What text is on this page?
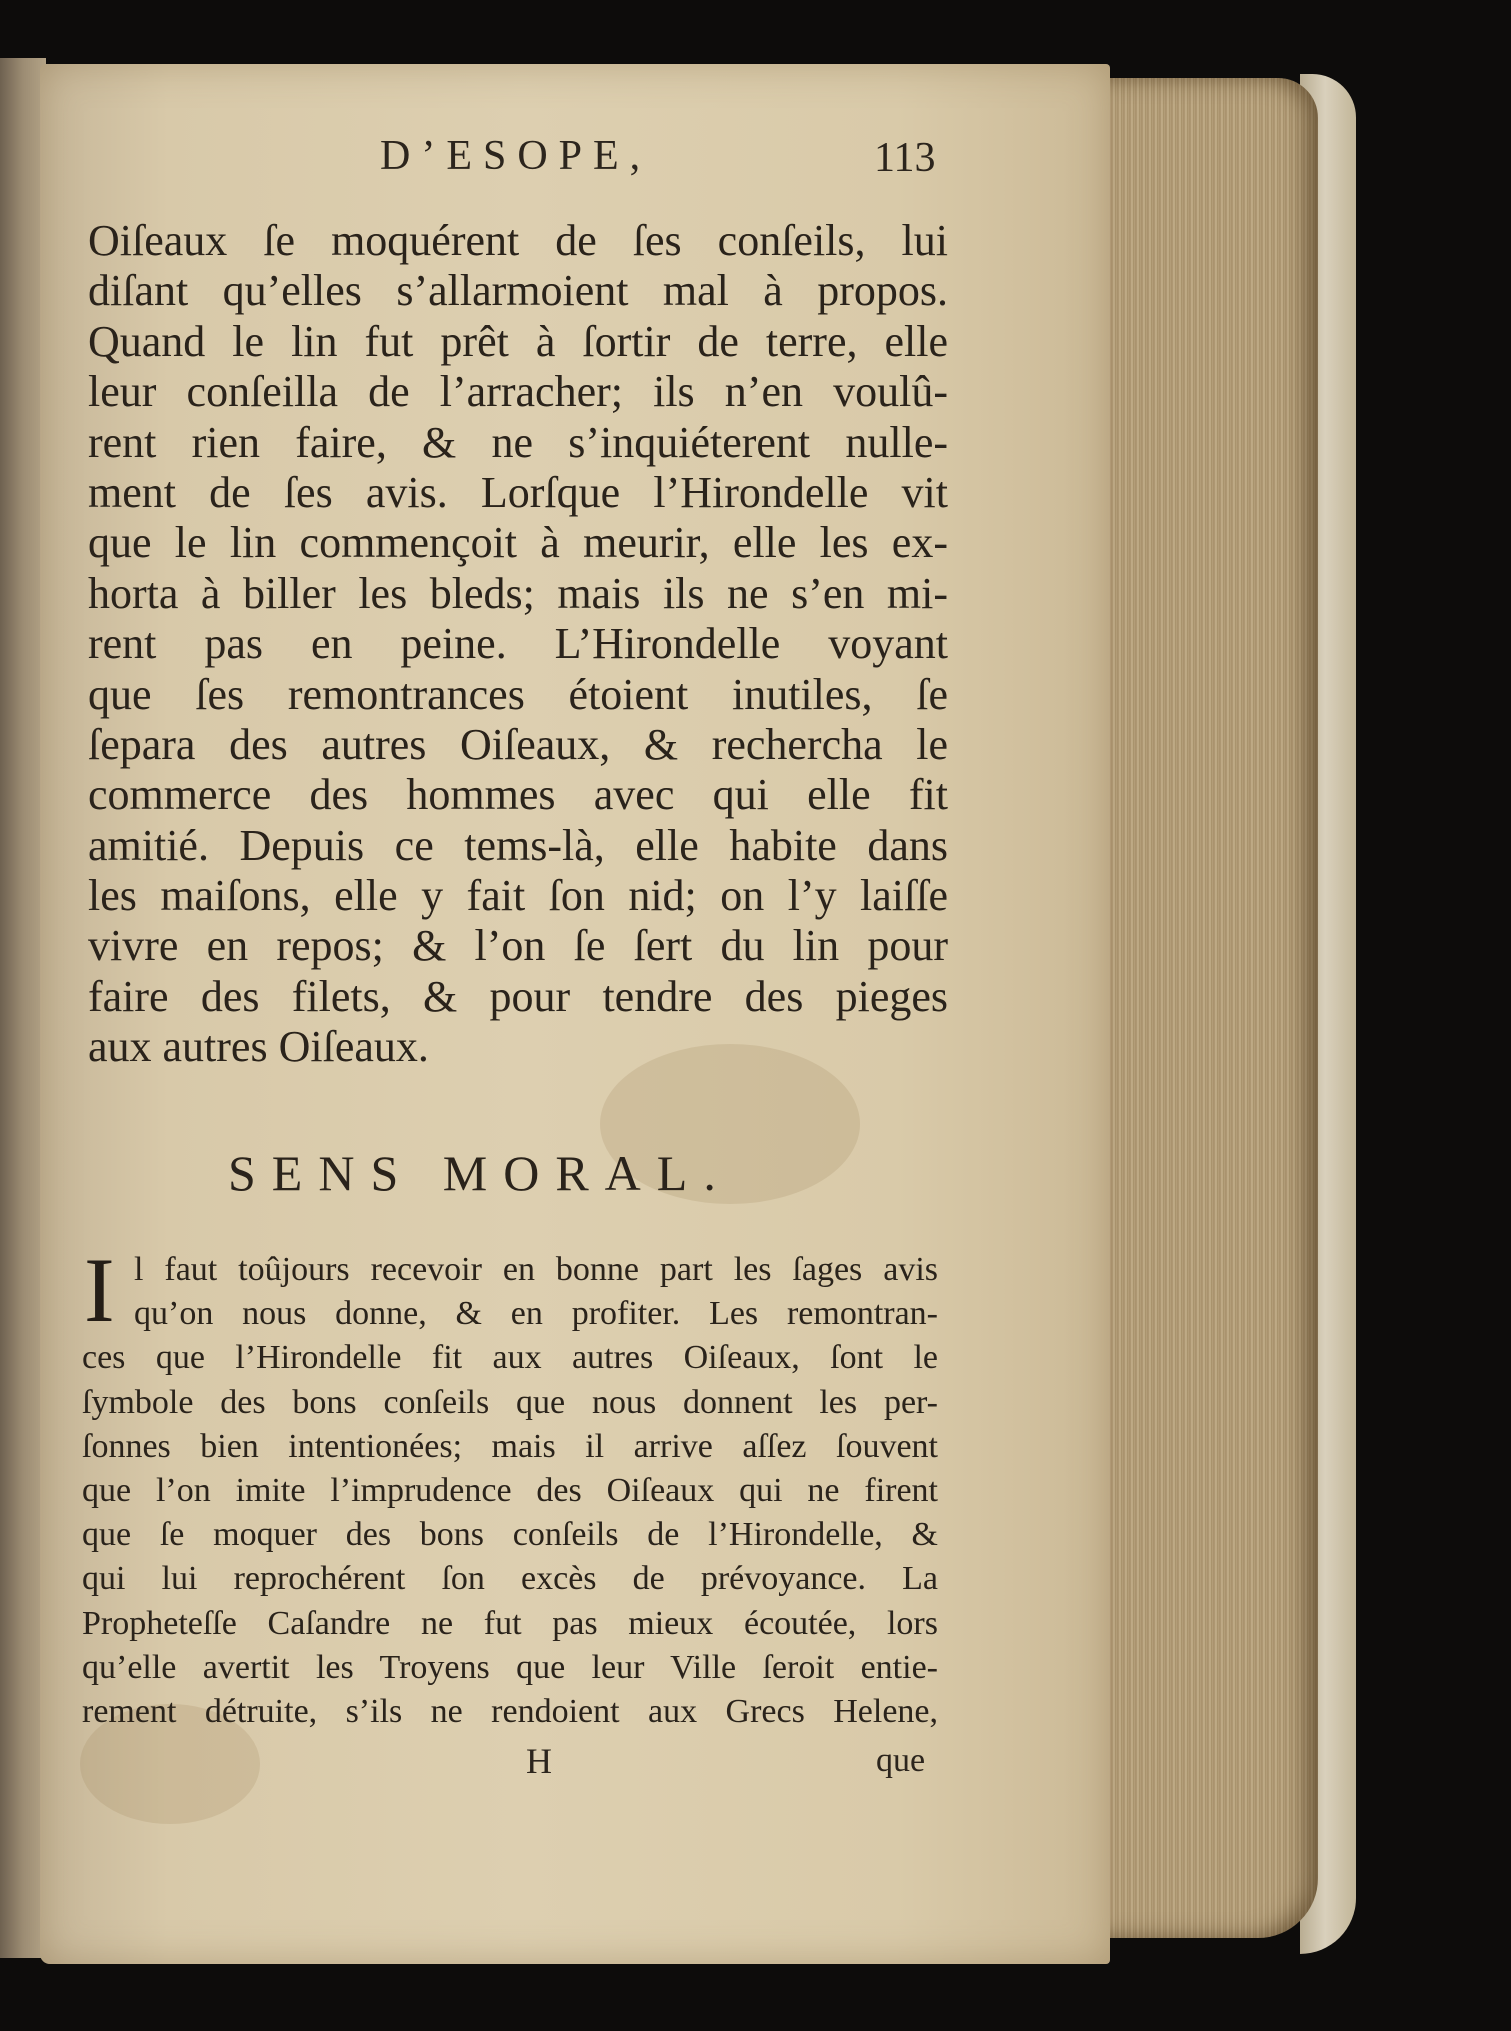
D’ESOPE,	113
Oiſeaux ſe moquérent de ſes conſeils, lui
diſant qu’elles s’allarmoient mal à propos.
Quand le lin fut prêt à ſortir de terre, elle
leur conſeilla de l’arracher; ils n’en voulû-
rent rien faire, & ne s’inquiéterent nulle-
ment de ſes avis. Lorſque l’Hirondelle vit
que le lin commençoit à meurir, elle les ex-
horta à biller les bleds; mais ils ne s’en mi-
rent pas en peine. L’Hirondelle voyant
que ſes remontrances étoient inutiles, ſe
ſepara des autres Oiſeaux, & rechercha le
commerce des hommes avec qui elle fit
amitié. Depuis ce tems-là, elle habite dans
les maiſons, elle y fait ſon nid; on l’y laiſſe
vivre en repos; & l’on ſe ſert du lin pour
faire des filets, & pour tendre des pieges
aux autres Oiſeaux.
SENS MORAL.
I l faut toûjours recevoir en bonne part les ſages avis
qu’on nous donne, & en profiter. Les remontran-
ces que l’Hirondelle fit aux autres Oiſeaux, ſont le
ſymbole des bons conſeils que nous donnent les per-
ſonnes bien intentionées; mais il arrive aſſez ſouvent
que l’on imite l’imprudence des Oiſeaux qui ne firent
que ſe moquer des bons conſeils de l’Hirondelle, &
qui lui reprochérent ſon excès de prévoyance. La
Propheteſſe Caſandre ne fut pas mieux écoutée, lors
qu’elle avertit les Troyens que leur Ville ſeroit entie-
rement détruite, s’ils ne rendoient aux Grecs Helene,
H	que
